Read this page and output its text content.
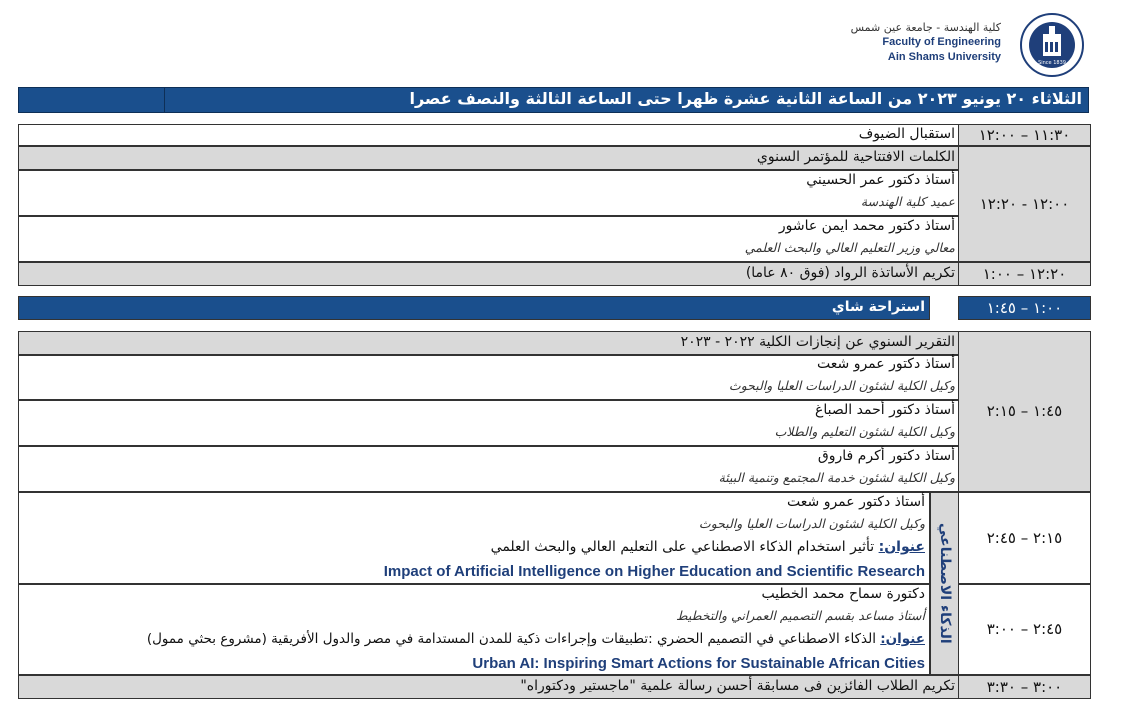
كلية الهندسة - جامعة عين شمس
Faculty of Engineering
Ain Shams University	Since 1839
الثلاثاء ٢٠ يونيو ٢٠٢٣ من الساعة الثانية عشرة ظهرا حتى الساعة الثالثة والنصف عصرا
١١:٣٠ – ١٢:٠٠
استقبال الضيوف
الكلمات الافتتاحية للمؤتمر السنوي
أستاذ دكتور عمر الحسيني
عميد كلية الهندسة
أستاذ دكتور محمد ايمن عاشور
معالي وزير التعليم العالي والبحث العلمي
١٢:٠٠ - ١٢:٢٠
١٢:٢٠ – ١:٠٠
تكريم الأساتذة الرواد (فوق ٨٠ عاما)
استراحة شاي	١:٠٠ – ١:٤٥
التقرير السنوي عن إنجازات الكلية ٢٠٢٢ - ٢٠٢٣
أستاذ دكتور عمرو شعت
وكيل الكلية لشئون الدراسات العليا والبحوث
أستاذ دكتور أحمد الصباغ
وكيل الكلية لشئون التعليم والطلاب
أستاذ دكتور أكرم فاروق
وكيل الكلية لشئون خدمة المجتمع وتنمية البيئة
١:٤٥ – ٢:١٥
أستاذ دكتور عمرو شعت
وكيل الكلية لشئون الدراسات العليا والبحوث
عنوان: تأثير استخدام الذكاء الاصطناعي على التعليم العالي والبحث العلمي
Impact of Artificial Intelligence on Higher Education and Scientific Research
٢:١٥ – ٢:٤٥
دكتورة سماح محمد الخطيب
أستاذ مساعد بقسم التصميم العمراني والتخطيط
عنوان: الذكاء الاصطناعي في التصميم الحضري :تطبيقات وإجراءات ذكية للمدن المستدامة في مصر والدول الأفريقية (مشروع بحثي ممول)
Urban AI: Inspiring Smart Actions for Sustainable African Cities
٢:٤٥ – ٣:٠٠
الذكاء الاصطناعي
٣:٠٠ – ٣:٣٠
تكريم الطلاب الفائزين فى مسابقة أحسن رسالة علمية "ماجستير ودكتوراه"
